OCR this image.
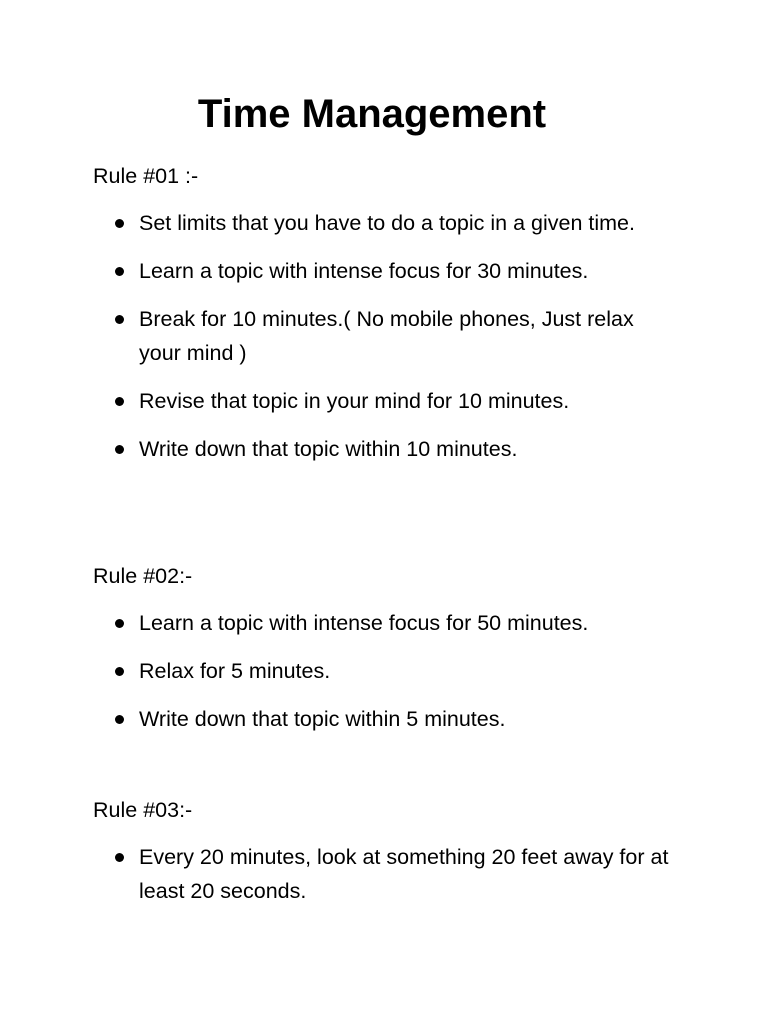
Time Management

Rule #01 :-

Set limits that you have to do a topic in a given time.
Learn a topic with intense focus for 30 minutes.
Break for 10 minutes.( No mobile phones, Just relax your mind )
Revise that topic in your mind for 10 minutes.
Write down that topic within 10 minutes.

Rule #02:-

Learn a topic with intense focus for 50 minutes.
Relax for 5 minutes.
Write down that topic within 5 minutes.

Rule #03:-

Every 20 minutes, look at something 20 feet away for at least 20 seconds.
